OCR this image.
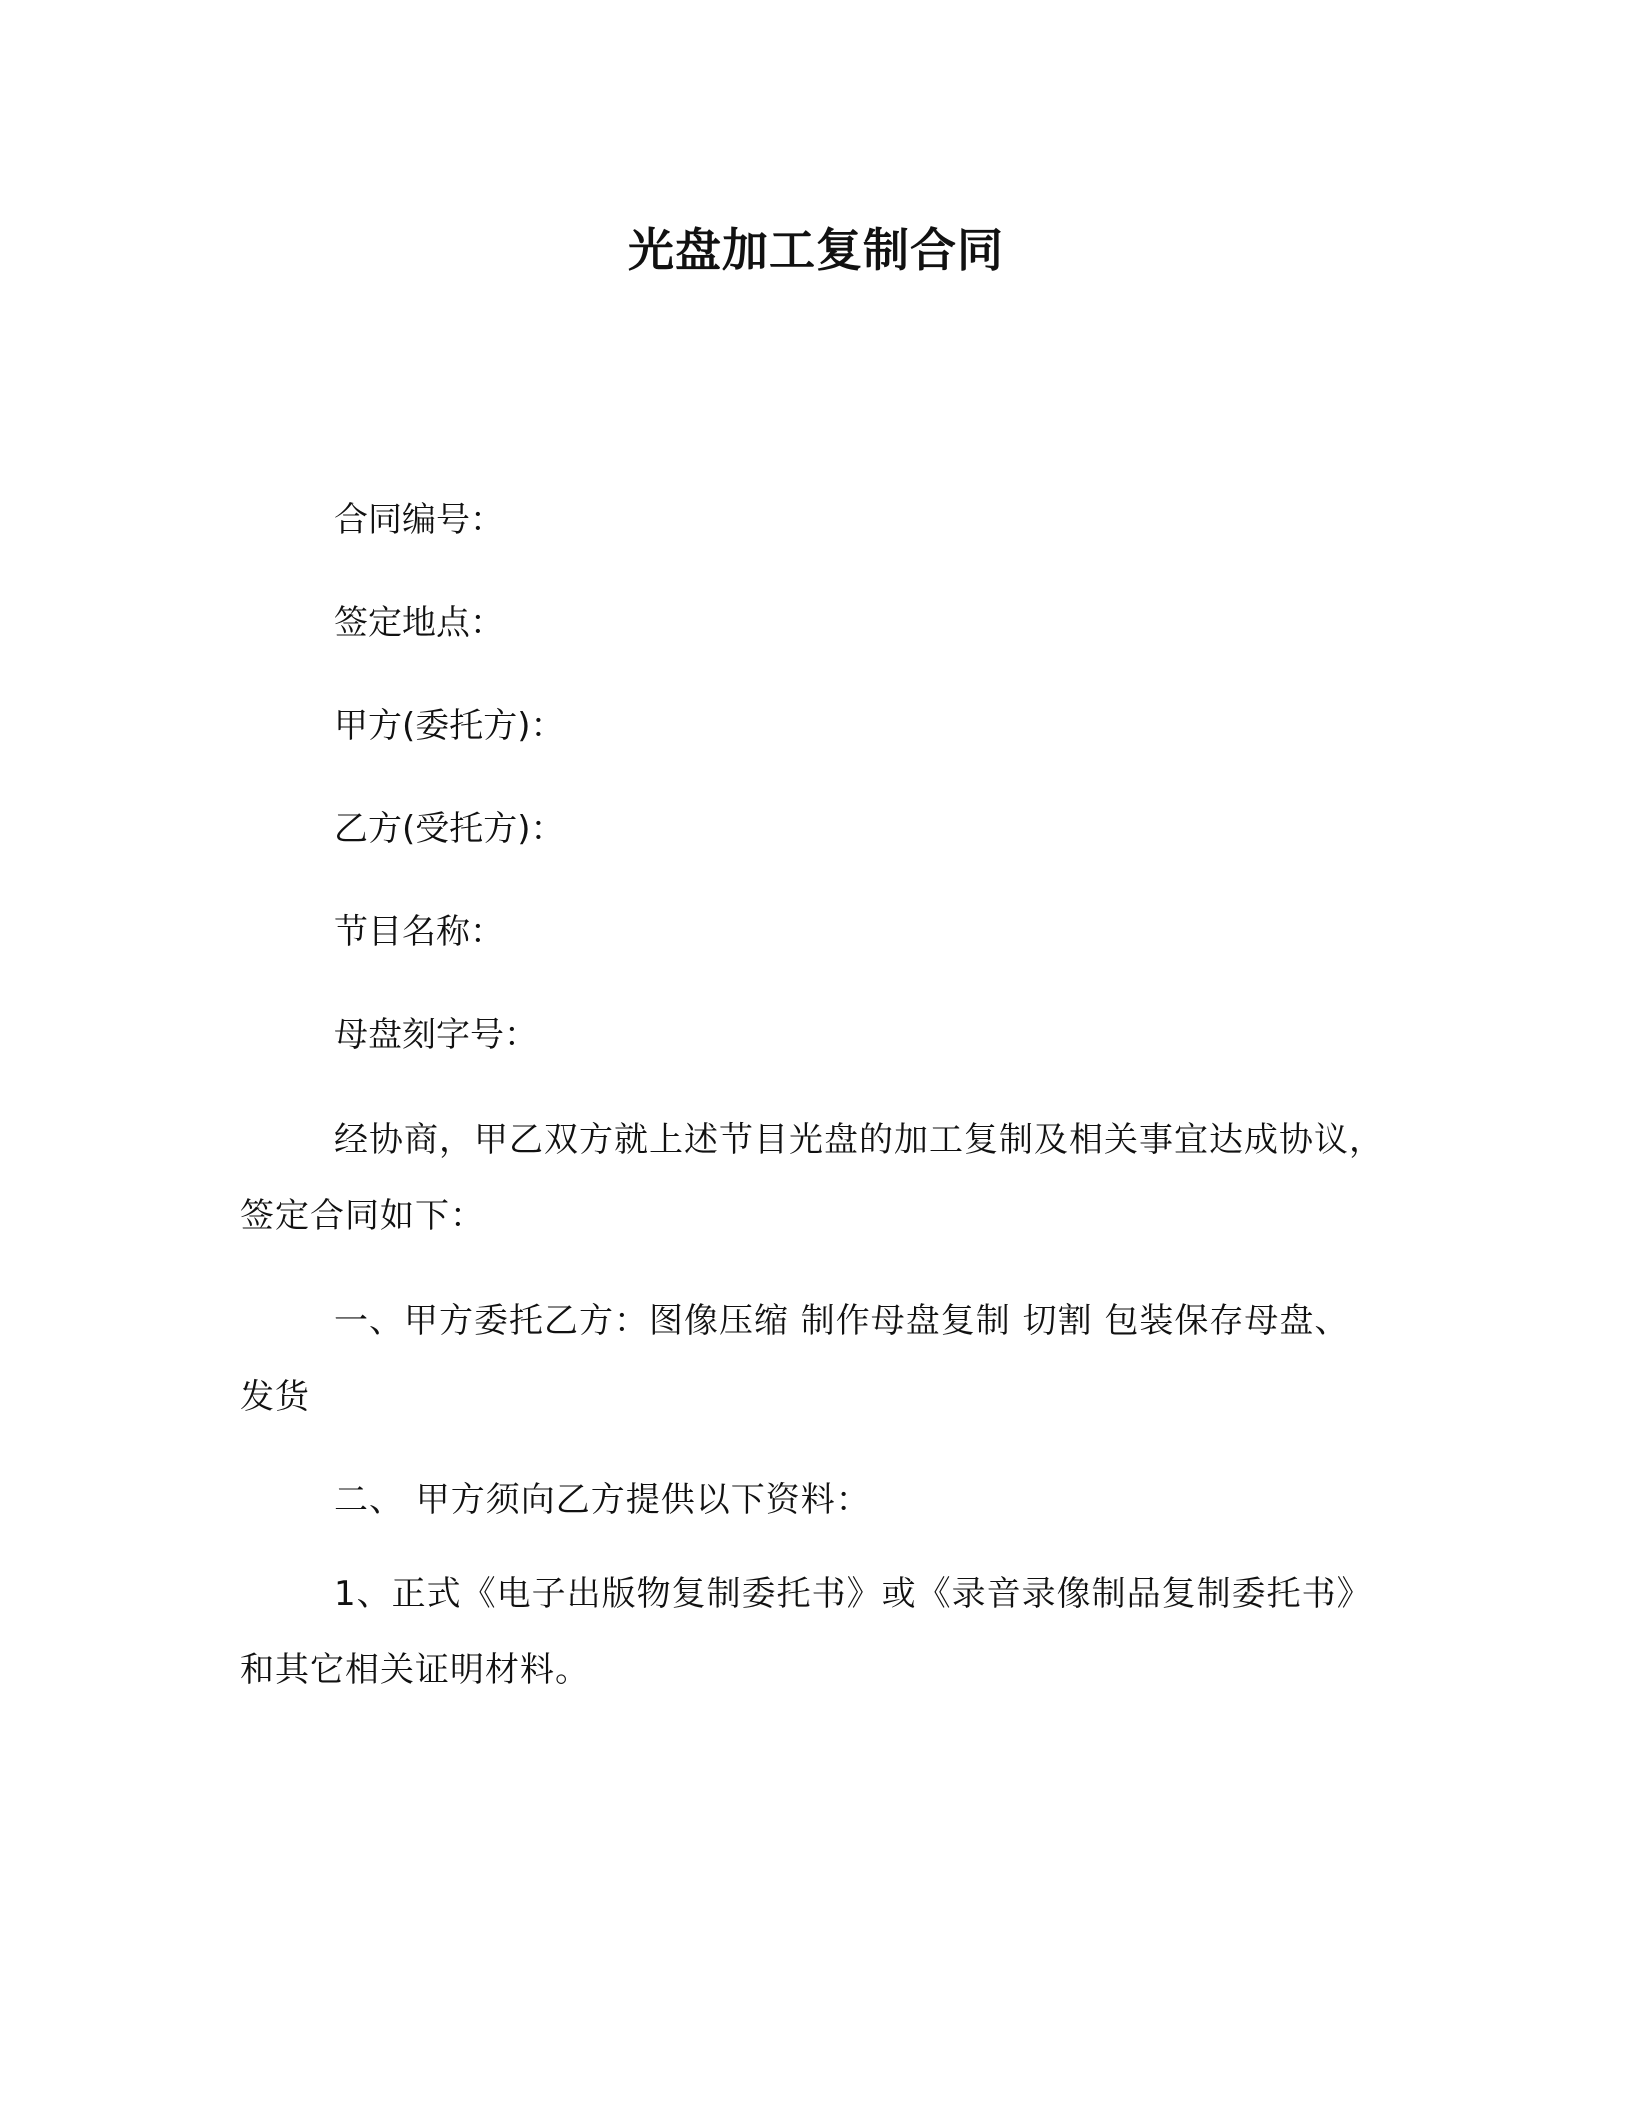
光盘加工复制合同
合同编号：
签定地点：
甲方(委托方)：
乙方(受托方)：
节目名称：
母盘刻字号：
经协商，甲乙双方就上述节目光盘的加工复制及相关事宜达成协议，签定合同如下：
一、甲方委托乙方：图像压缩 制作母盘复制 切割 包装保存母盘、 发货
二、 甲方须向乙方提供以下资料：
1、正式《电子出版物复制委托书》或《录音录像制品复制委托书》和其它相关证明材料。
